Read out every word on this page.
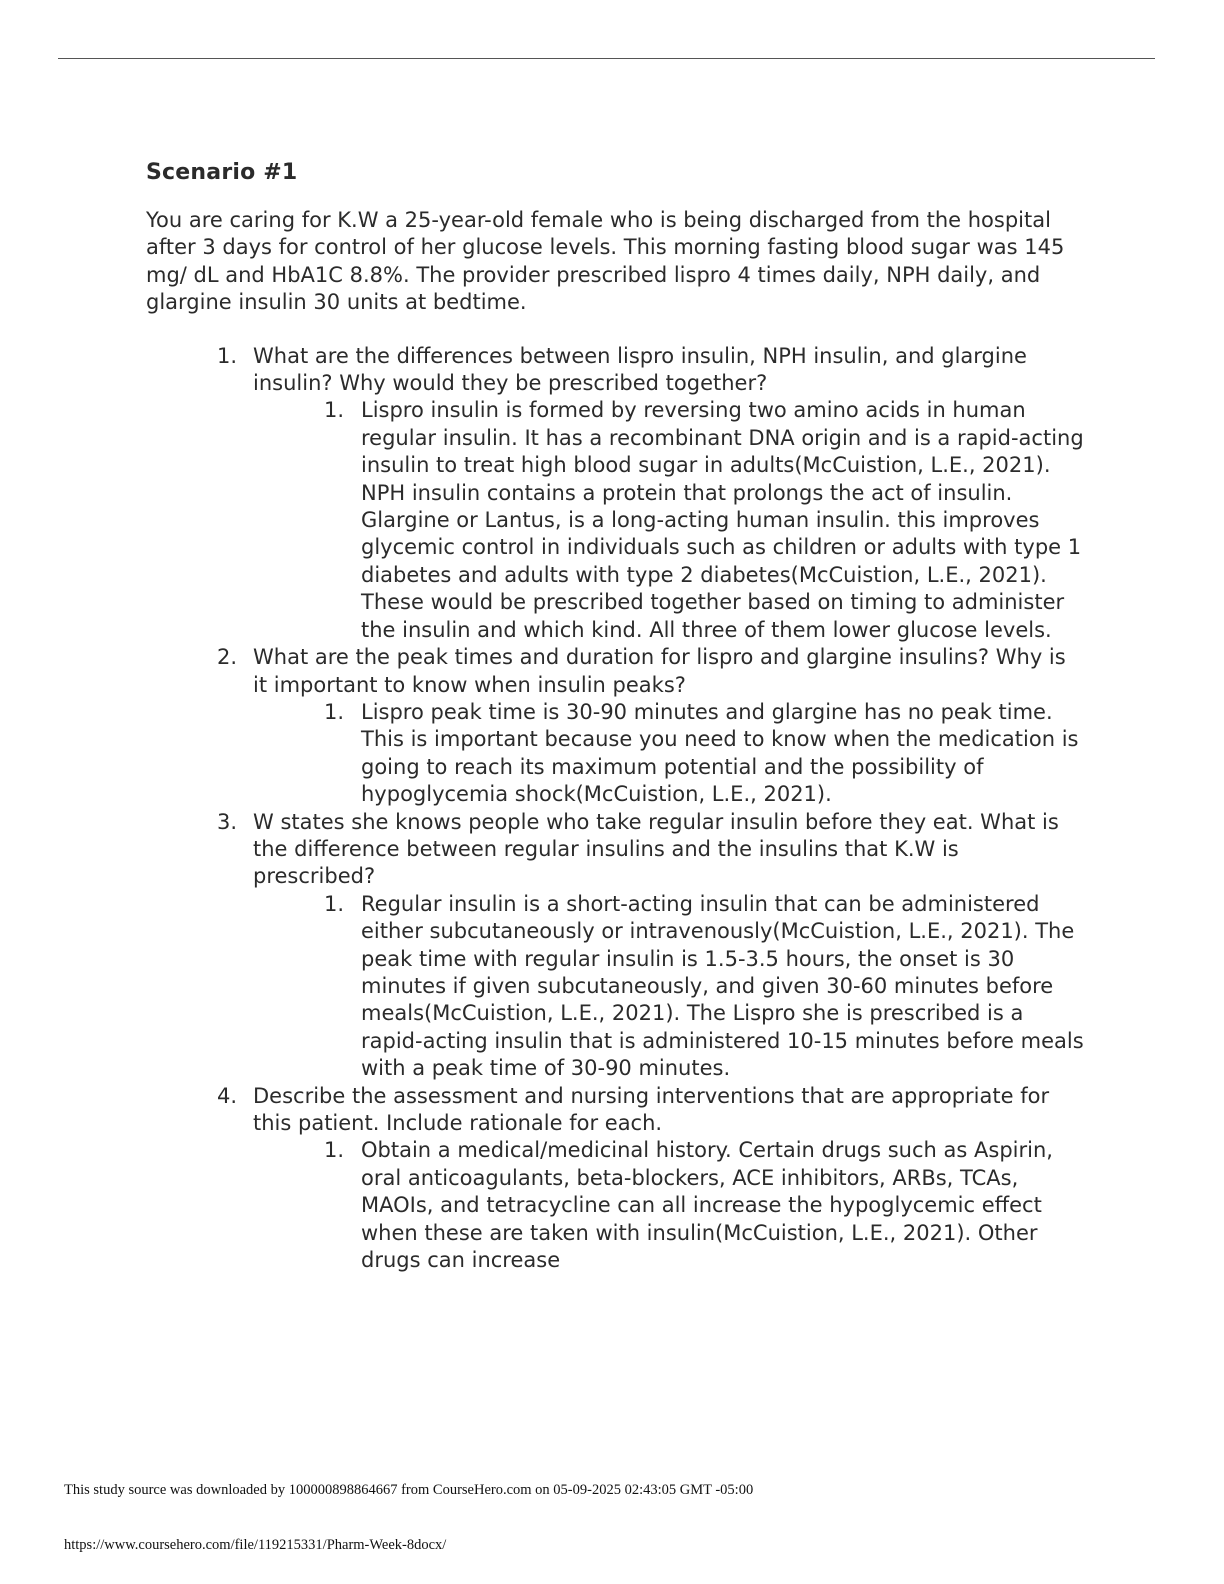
Scenario #1

You are caring for K.W a 25-year-old female who is being discharged from the hospital after 3 days for control of her glucose levels. This morning fasting blood sugar was 145 mg/ dL and HbA1C 8.8%. The provider prescribed lispro 4 times daily, NPH daily, and glargine insulin 30 units at bedtime.

1. What are the differences between lispro insulin, NPH insulin, and glargine insulin? Why would they be prescribed together?
1. Lispro insulin is formed by reversing two amino acids in human regular insulin. It has a recombinant DNA origin and is a rapid-acting insulin to treat high blood sugar in adults(McCuistion, L.E., 2021). NPH insulin contains a protein that prolongs the act of insulin. Glargine or Lantus, is a long-acting human insulin. this improves glycemic control in individuals such as children or adults with type 1 diabetes and adults with type 2 diabetes(McCuistion, L.E., 2021). These would be prescribed together based on timing to administer the insulin and which kind. All three of them lower glucose levels.
2. What are the peak times and duration for lispro and glargine insulins? Why is it important to know when insulin peaks?
1. Lispro peak time is 30-90 minutes and glargine has no peak time. This is important because you need to know when the medication is going to reach its maximum potential and the possibility of hypoglycemia shock(McCuistion, L.E., 2021).
3. W states she knows people who take regular insulin before they eat. What is the difference between regular insulins and the insulins that K.W is prescribed?
1. Regular insulin is a short-acting insulin that can be administered either subcutaneously or intravenously(McCuistion, L.E., 2021). The peak time with regular insulin is 1.5-3.5 hours, the onset is 30 minutes if given subcutaneously, and given 30-60 minutes before meals(McCuistion, L.E., 2021). The Lispro she is prescribed is a rapid-acting insulin that is administered 10-15 minutes before meals with a peak time of 30-90 minutes.
4. Describe the assessment and nursing interventions that are appropriate for this patient. Include rationale for each.
1. Obtain a medical/medicinal history. Certain drugs such as Aspirin, oral anticoagulants, beta-blockers, ACE inhibitors, ARBs, TCAs, MAOIs, and tetracycline can all increase the hypoglycemic effect when these are taken with insulin(McCuistion, L.E., 2021). Other drugs can increase
This study source was downloaded by 100000898864667 from CourseHero.com on 05-09-2025 02:43:05 GMT -05:00
https://www.coursehero.com/file/119215331/Pharm-Week-8docx/
